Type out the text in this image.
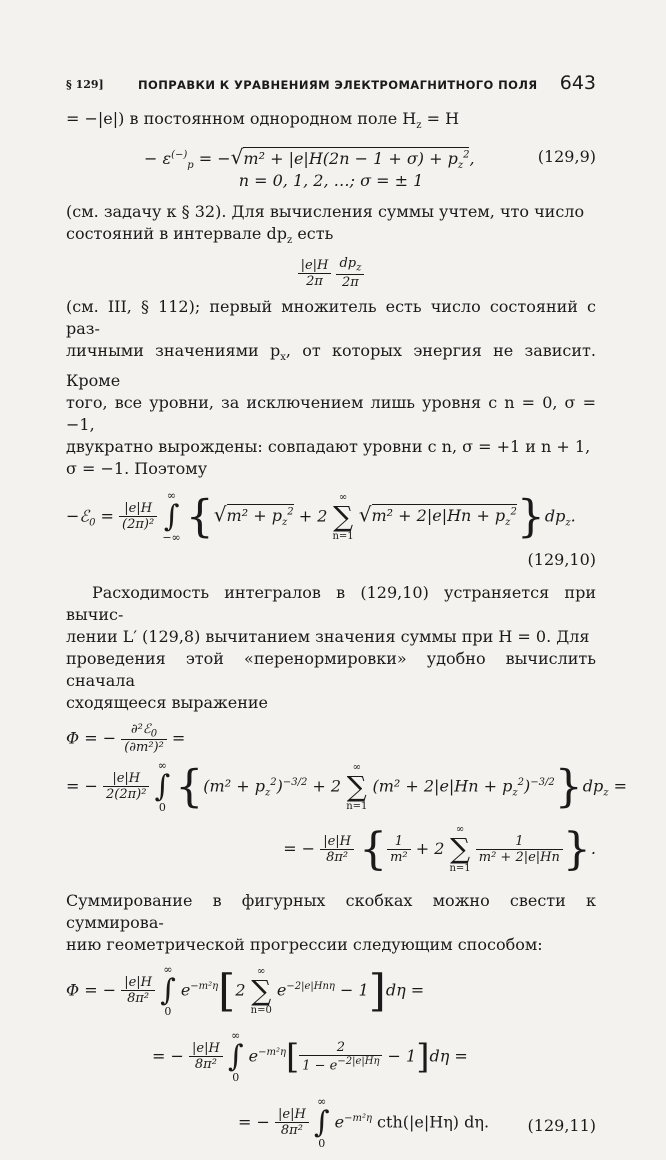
§ 129]	ПОПРАВКИ К УРАВНЕНИЯМ ЭЛЕКТРОМАГНИТНОГО ПОЛЯ 643

= −|e|) в постоянном однородном поле $H_z = H$

− $\varepsilon^{(-)}_p = -√m^2 + |e|H(2n - 1 + \sigma) + p_z^2$,	(129,9)
n = 0, 1, 2, …; σ = ± 1

(см. задачу к § 32). Для вычисления суммы учтем, что число

состояний в интервале $dp_z$ есть

$\frac{|e|H}{2\pi}$
$\frac{dp_z}{2\pi}$

(см. III, § 112); первый множитель есть число состояний с раз-

личными значениями $p_x$, от которых энергия не зависит. Кроме

того, все уровни, за исключением лишь уровня с n = 0, σ = −1,

двукратно вырождены: совпадают уровни с n, σ = +1 и n + 1,

σ = −1. Поэтому

−ℰ$_0$ = $\frac{|e|H}{\text{(2π)²}}$
∞
∫
−∞ {$√m^2 + p_z^2 + 2$ ∞
∑
n=1 $√m^2 + 2|e|Hn + p_z^2\}dp_z$.
(129,10)

Расходимость интегралов в (129,10) устраняется при вычис-

лении L′ (129,8) вычитанием значения суммы при H = 0. Для

проведения этой «перенормировки» удобно вычислить сначала

сходящееся выражение

Φ = − $\frac{\partial^2ℰ_0}{\text{(∂m²)²}}$ =
= − $\frac{|e|H}{\text{2(2π)²}}$
∞
∫
0 {$(m^2 + p_z^2)^{-3/2} + 2$ ∞
∑
n=1 $(m^2 + 2|e|Hn + p_z^2)^{-3/2}\}dp_z$ =
= − $\frac{|e|H}{\text{8π²}}$ { $\frac{1}{\text{m²}} + 2$ ∞
∑
n=1
$\frac{1}{\text{m² + 2|e|Hn}}$ }.

Суммирование в фигурных скобках можно свести к суммирова-

нию геометрической прогрессии следующим способом:

Φ = − $\frac{|e|H}{\text{8π²}}$
∞
∫
0 $e^{-m^2\eta}[2$ ∞
∑
n=0 $e^{-2|e|Hn\eta} - 1]d\eta$ =
= − $\frac{|e|H}{\text{8π²}}$
∞
∫
0 $e^{-m^2\eta}[ \frac{2}{1 - e^{-2|e|H\eta}} - 1]d\eta$ =
= − $\frac{|e|H}{\text{8π²}}$
∞
∫
0 $e^{-m^2\eta}$ cth(|e|Hη) dη. (129,11)
